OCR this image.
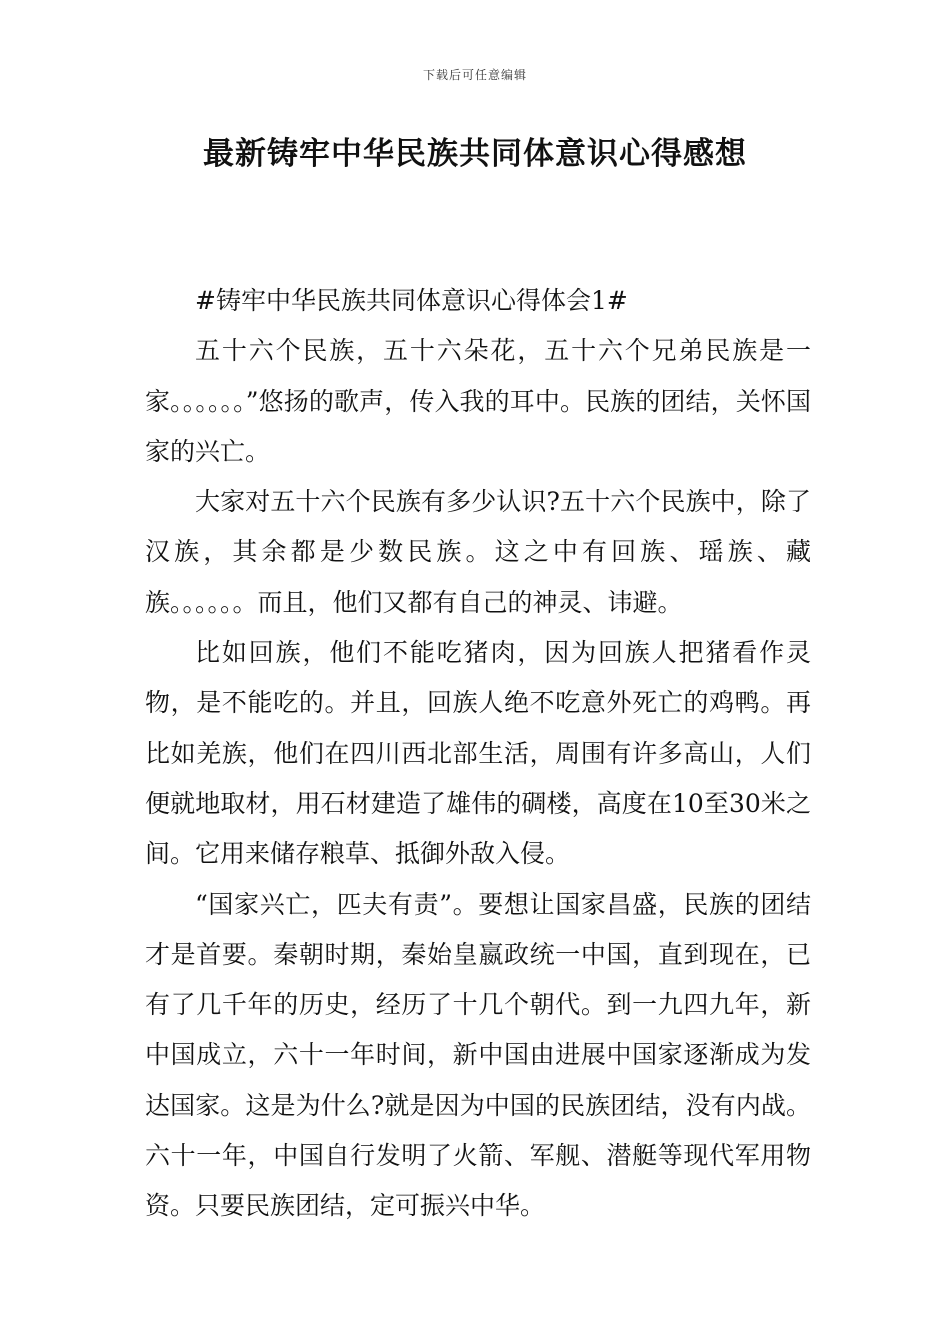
下载后可任意编辑
最新铸牢中华民族共同体意识心得感想

#铸牢中华民族共同体意识心得体会1#

五十六个民族，五十六朵花，五十六个兄弟民族是一家。。。。。。”悠扬的歌声，传入我的耳中。民族的团结，关怀国家的兴亡。

大家对五十六个民族有多少认识?五十六个民族中，除了汉族，其余都是少数民族。这之中有回族、瑶族、藏族。。。。。。而且，他们又都有自己的神灵、讳避。

比如回族，他们不能吃猪肉，因为回族人把猪看作灵物，是不能吃的。并且，回族人绝不吃意外死亡的鸡鸭。再比如羌族，他们在四川西北部生活，周围有许多高山，人们便就地取材，用石材建造了雄伟的碉楼，高度在10至30米之间。它用来储存粮草、抵御外敌入侵。

“国家兴亡，匹夫有责”。要想让国家昌盛，民族的团结才是首要。秦朝时期，秦始皇嬴政统一中国，直到现在，已有了几千年的历史，经历了十几个朝代。到一九四九年，新中国成立，六十一年时间，新中国由进展中国家逐渐成为发达国家。这是为什么?就是因为中国的民族团结，没有内战。六十一年，中国自行发明了火箭、军舰、潜艇等现代军用物资。只要民族团结，定可振兴中华。
